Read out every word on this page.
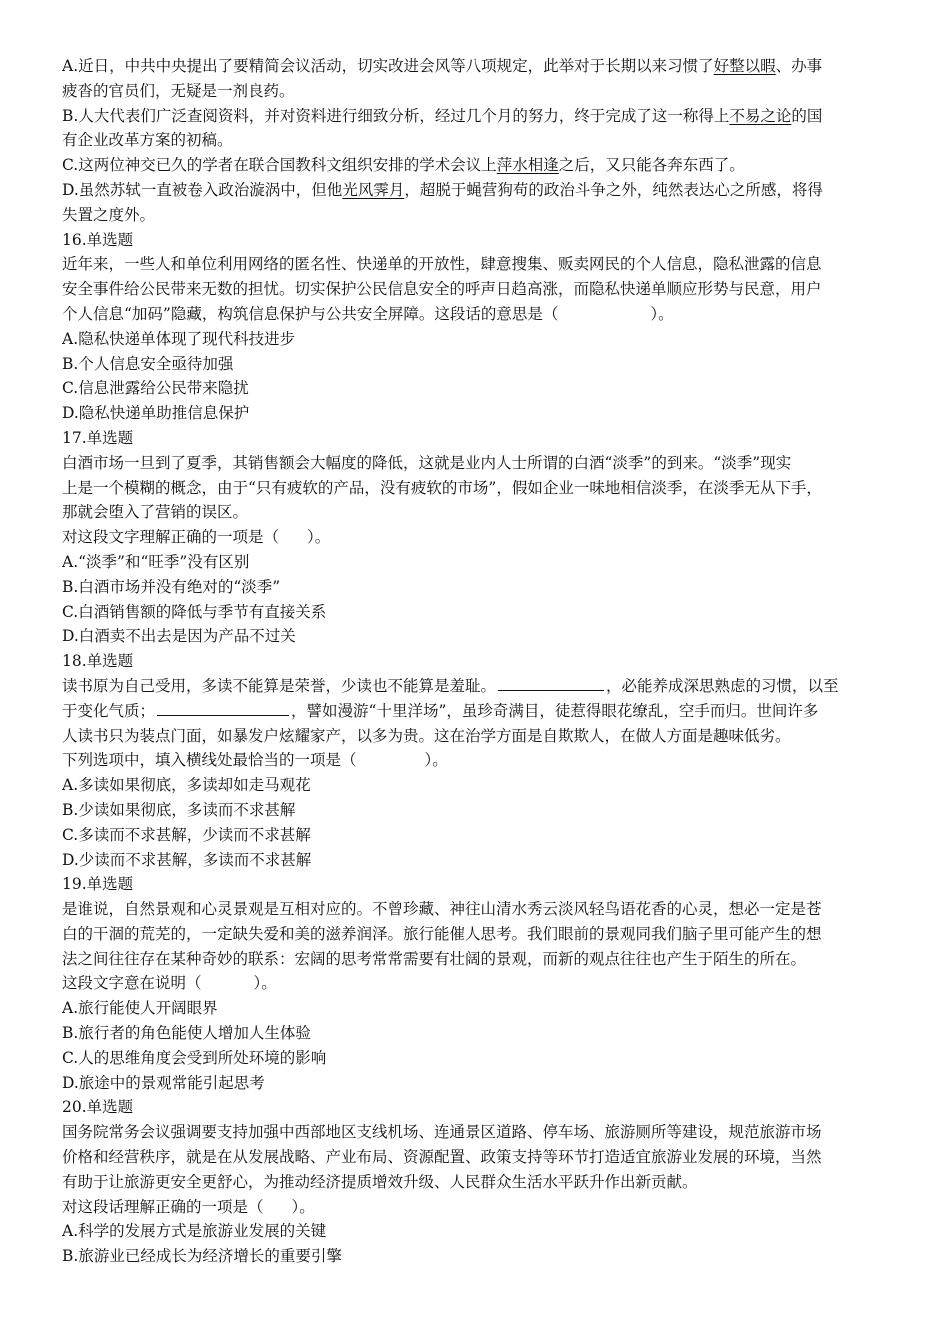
A.近日，中共中央提出了要精简会议活动，切实改进会风等八项规定，此举对于长期以来习惯了好整以暇、办事
疲沓的官员们，无疑是一剂良药。
B.人大代表们广泛查阅资料，并对资料进行细致分析，经过几个月的努力，终于完成了这一称得上不易之论的国
有企业改革方案的初稿。
C.这两位神交已久的学者在联合国教科文组织安排的学术会议上萍水相逢之后，又只能各奔东西了。
D.虽然苏轼一直被卷入政治漩涡中，但他光风霁月，超脱于蝇营狗苟的政治斗争之外，纯然表达心之所感，将得
失置之度外。
16.单选题
近年来，一些人和单位利用网络的匿名性、快递单的开放性，肆意搜集、贩卖网民的个人信息，隐私泄露的信息
安全事件给公民带来无数的担忧。切实保护公民信息安全的呼声日趋高涨，而隐私快递单顺应形势与民意，用户
个人信息“加码”隐藏，构筑信息保护与公共安全屏障。这段话的意思是（	）。
A.隐私快递单体现了现代科技进步
B.个人信息安全亟待加强
C.信息泄露给公民带来隐扰
D.隐私快递单助推信息保护
17.单选题
白酒市场一旦到了夏季，其销售额会大幅度的降低，这就是业内人士所谓的白酒“淡季”的到来。“淡季”现实
上是一个模糊的概念，由于“只有疲软的产品，没有疲软的市场”，假如企业一味地相信淡季，在淡季无从下手，
那就会堕入了营销的误区。
对这段文字理解正确的一项是（ ）。
A.“淡季”和“旺季”没有区别
B.白酒市场并没有绝对的“淡季”
C.白酒销售额的降低与季节有直接关系
D.白酒卖不出去是因为产品不过关
18.单选题
读书原为自己受用，多读不能算是荣誉，少读也不能算是羞耻。	，必能养成深思熟虑的习惯，以至
于变化气质；	，譬如漫游“十里洋场”，虽珍奇满目，徒惹得眼花缭乱，空手而归。世间许多
人读书只为装点门面，如暴发户炫耀家产，以多为贵。这在治学方面是自欺欺人，在做人方面是趣味低劣。
下列选项中，填入横线处最恰当的一项是（	）。
A.多读如果彻底，多读却如走马观花
B.少读如果彻底，多读而不求甚解
C.多读而不求甚解，少读而不求甚解
D.少读而不求甚解，多读而不求甚解
19.单选题
是谁说，自然景观和心灵景观是互相对应的。不曾珍藏、神往山清水秀云淡风轻鸟语花香的心灵，想必一定是苍
白的干涸的荒芜的，一定缺失爱和美的滋养润泽。旅行能催人思考。我们眼前的景观同我们脑子里可能产生的想
法之间往往存在某种奇妙的联系：宏阔的思考常常需要有壮阔的景观，而新的观点往往也产生于陌生的所在。
这段文字意在说明（	）。
A.旅行能使人开阔眼界
B.旅行者的角色能使人增加人生体验
C.人的思维角度会受到所处环境的影响
D.旅途中的景观常能引起思考
20.单选题
国务院常务会议强调要支持加强中西部地区支线机场、连通景区道路、停车场、旅游厕所等建设，规范旅游市场
价格和经营秩序，就是在从发展战略、产业布局、资源配置、政策支持等环节打造适宜旅游业发展的环境，当然
有助于让旅游更安全更舒心，为推动经济提质增效升级、人民群众生活水平跃升作出新贡献。
对这段话理解正确的一项是（ ）。
A.科学的发展方式是旅游业发展的关键
B.旅游业已经成长为经济增长的重要引擎
